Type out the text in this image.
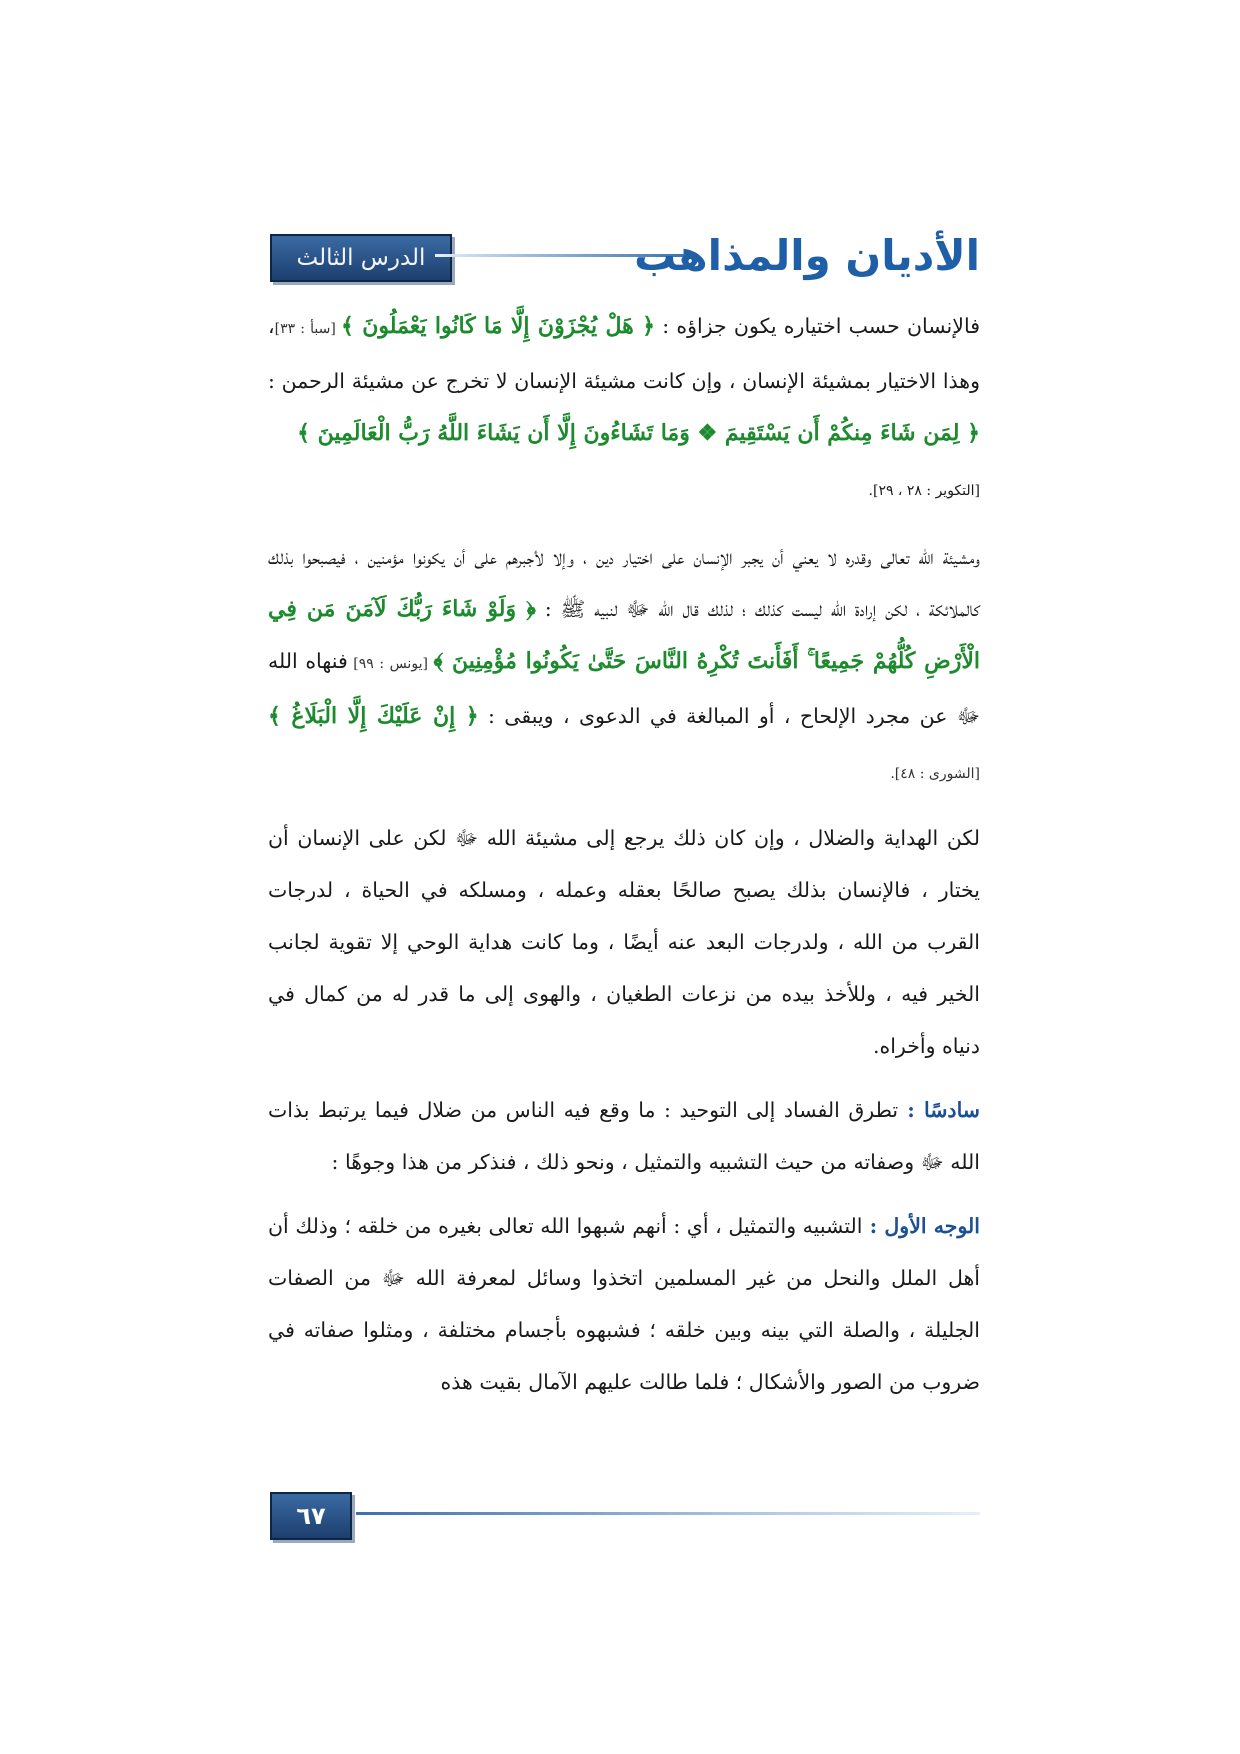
الدرس الثالث	الأديان والمذاهب

فالإنسان حسب اختياره يكون جزاؤه : ﴿ هَلْ يُجْزَوْنَ إِلَّا مَا كَانُوا يَعْمَلُونَ ﴾ [سبأ : ٣٣]، وهذا الاختيار بمشيئة الإنسان ، وإن كانت مشيئة الإنسان لا تخرج عن مشيئة الرحمن : ﴿ لِمَن شَاءَ مِنكُمْ أَن يَسْتَقِيمَ ❖ وَمَا تَشَاءُونَ إِلَّا أَن يَشَاءَ اللَّهُ رَبُّ الْعَالَمِينَ ﴾

[التكوير : ٢٨ ، ٢٩].

ومشيئة الله تعالى وقدره لا يعني أن يجبر الإنسان على اختيار دين ، وإلا لأجبرهم على أن يكونوا مؤمنين ، فيصبحوا بذلك كالملائكة ، لكن إرادة الله ليست كذلك ؛ لذلك قال الله ﷻ لنبيه ﷺ : ﴿ وَلَوْ شَاءَ رَبُّكَ لَآمَنَ مَن فِي الْأَرْضِ كُلُّهُمْ جَمِيعًا ۚ أَفَأَنتَ تُكْرِهُ النَّاسَ حَتَّىٰ يَكُونُوا مُؤْمِنِينَ ﴾ [يونس : ٩٩] فنهاه الله ﷻ عن مجرد الإلحاح ، أو المبالغة في الدعوى ، ويبقى : ﴿ إِنْ عَلَيْكَ إِلَّا الْبَلَاغُ ﴾ [الشورى : ٤٨].

لكن الهداية والضلال ، وإن كان ذلك يرجع إلى مشيئة الله ﷻ لكن على الإنسان أن يختار ، فالإنسان بذلك يصبح صالحًا بعقله وعمله ، ومسلكه في الحياة ، لدرجات القرب من الله ، ولدرجات البعد عنه أيضًا ، وما كانت هداية الوحي إلا تقوية لجانب الخير فيه ، وللأخذ بيده من نزعات الطغيان ، والهوى إلى ما قدر له من كمال في دنياه وأخراه.

سادسًا : تطرق الفساد إلى التوحيد : ما وقع فيه الناس من ضلال فيما يرتبط بذات الله ﷻ وصفاته من حيث التشبيه والتمثيل ، ونحو ذلك ، فنذكر من هذا وجوهًا :

الوجه الأول : التشبيه والتمثيل ، أي : أنهم شبهوا الله تعالى بغيره من خلقه ؛ وذلك أن أهل الملل والنحل من غير المسلمين اتخذوا وسائل لمعرفة الله ﷻ من الصفات الجليلة ، والصلة التي بينه وبين خلقه ؛ فشبهوه بأجسام مختلفة ، ومثلوا صفاته في ضروب من الصور والأشكال ؛ فلما طالت عليهم الآمال بقيت هذه

٦٧
